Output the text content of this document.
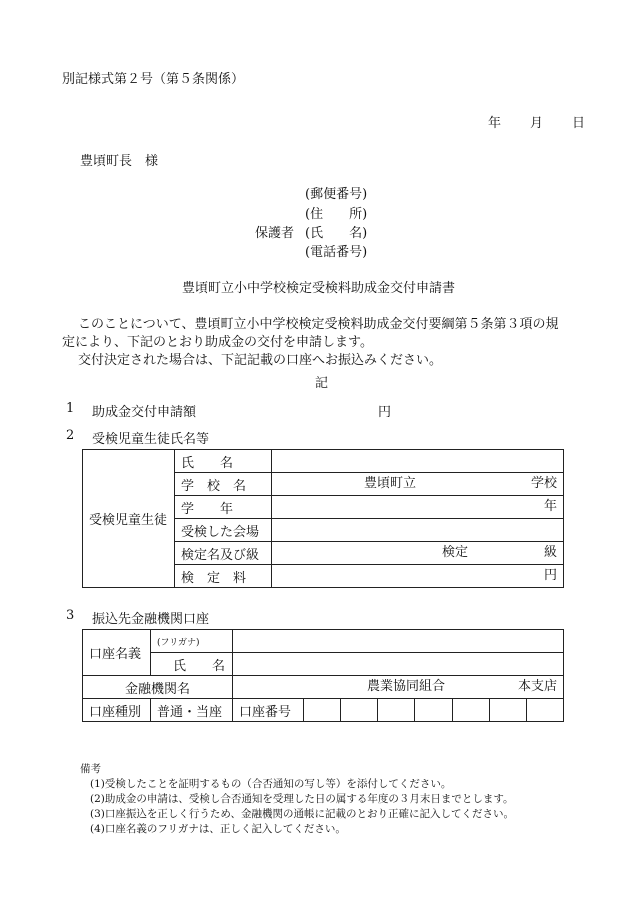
別記様式第２号（第５条関係）
年 月 日
豊頃町長　様
(郵便番号)
(住　　所)
保護者 (氏　　名)
(電話番号)
豊頃町立小中学校検定受検料助成金交付申請書
このことについて、豊頃町立小中学校検定受検料助成金交付要綱第５条第３項の規
定により、下記のとおり助成金の交付を申請します。
交付決定された場合は、下記記載の口座へお振込みください。
記
1 助成金交付申請額	円
2 受検児童生徒氏名等
受検児童生徒	氏　　名	
	学　校　名	豊頃町立 学校

	学　　年	年

	受検した会場	
	検定名及び級	検定 級

	検　定　料	円
3 振込先金融機関口座
口座名義	(フリガナ)								
	氏　　名								
金融機関名		農業協同組合 本支店							

口座種別	普通・当座	口座番号							
備考
(1)受検したことを証明するもの（合否通知の写し等）を添付してください。
(2)助成金の申請は、受検し合否通知を受理した日の属する年度の３月末日までとします。
(3)口座振込を正しく行うため、金融機関の通帳に記載のとおり正確に記入してください。
(4)口座名義のフリガナは、正しく記入してください。
